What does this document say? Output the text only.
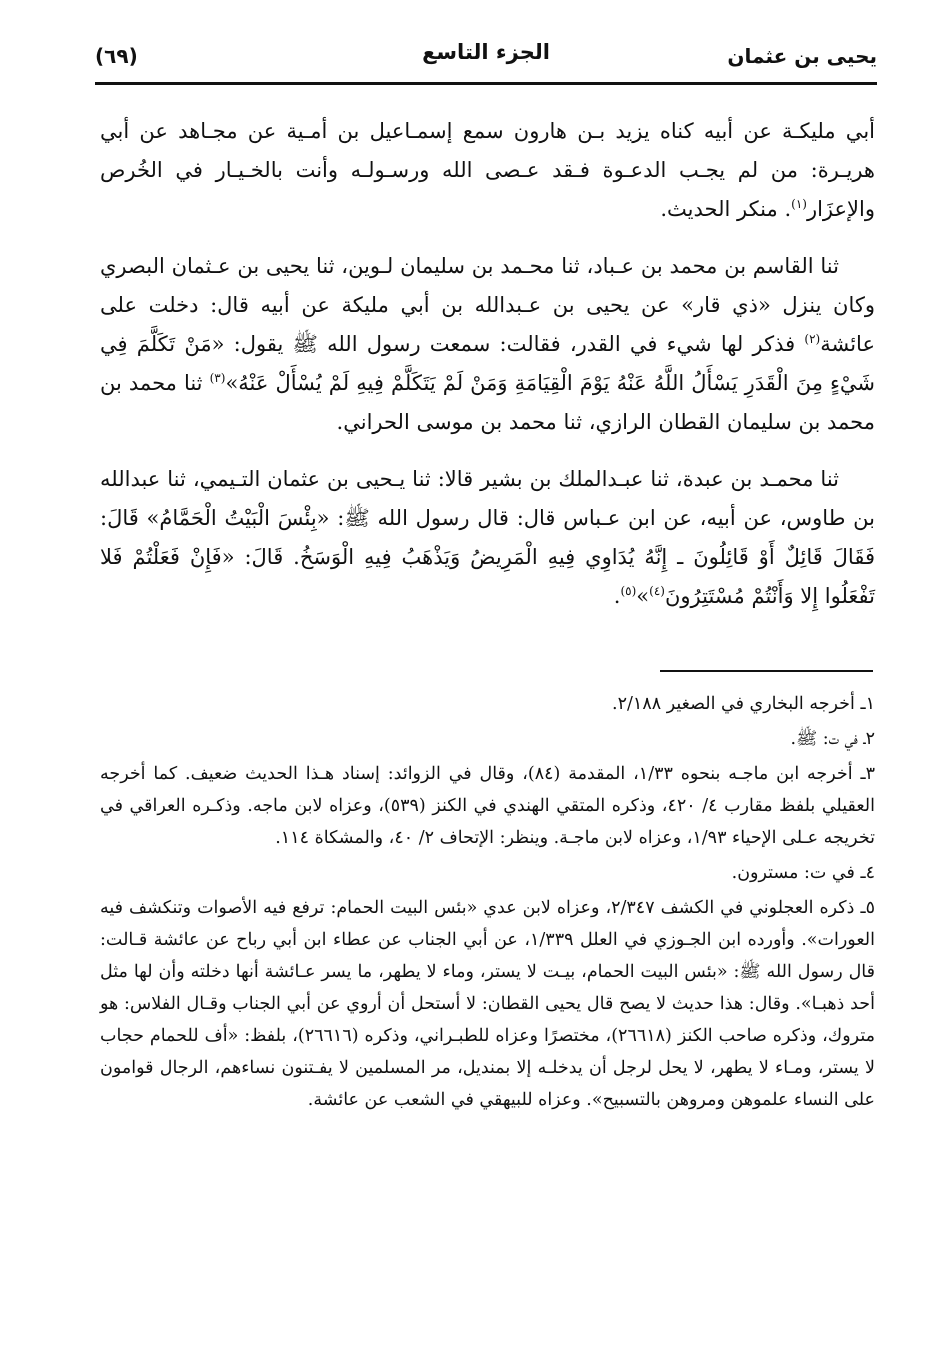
يحيى بن عثمان
الجزء التاسع
(٦٩)

أبي مليكـة عن أبيه كناه يزيد بـن هارون سمع إسمـاعيل بن أمـية عن مجـاهد عن أبي هريـرة: من لم يجـب الدعـوة فـقد عـصى الله ورسـولـه وأنت بالخـيـار في الخُرص والإعزَار$^{(١)}$. منكر الحديث.

ثنا القاسم بن محمد بن عـباد، ثنا محـمد بن سليمان لـوين، ثنا يحيى بن عـثمان البصري وكان ينزل «ذي قار» عن يحيى بن عـبدالله بن أبي مليكة عن أبيه قال: دخلت على عائشة$^{(٢)}$ فذكر لها شيء في القدر، فقالت: سمعت رسول الله ﷺ يقول: «مَنْ تَكَلَّمَ فِي شَيْءٍ مِنَ الْقَدَرِ يَسْأَلُ اللَّهُ عَنْهُ يَوْمَ الْقِيَامَةِ وَمَنْ لَمْ يَتَكَلَّمْ فِيهِ لَمْ يُسْأَلْ عَنْهُ»$^{(٣)}$ ثنا محمد بن محمد بن سليمان القطان الرازي، ثنا محمد بن موسى الحراني.

ثنا محمـد بن عبدة، ثنا عبـدالملك بن بشير قالا: ثنا يـحيى بن عثمان التـيمي، ثنا عبدالله بن طاوس، عن أبيه، عن ابن عـباس قال: قال رسول الله ﷺ: «بِئْسَ الْبَيْتُ الْحَمَّامُ» قَالَ: فَقَالَ قَائِلٌ أَوْ قَائِلُونَ ـ إِنَّهُ يُدَاوِي فِيهِ الْمَرِيضُ وَيَذْهَبُ فِيهِ الْوَسَخُ. قَالَ: «فَإِنْ فَعَلْتُمْ فَلا تَفْعَلُوا إِلا وَأَنْتُمْ مُسْتَتِرُونَ$^{(٤)}$»$^{(٥)}$.

١ـ أخرجه البخاري في الصغير ٢/١٨٨.
٢ـ في ت: ﷺ.
٣ـ أخرجه ابن ماجـه بنحوه ١/٣٣، المقدمة (٨٤)، وقال في الزوائد: إسناد هـذا الحديث ضعيف. كما أخرجه العقيلي بلفظ مقارب ٤/ ٤٢٠، وذكره المتقي الهندي في الكنز (٥٣٩)، وعزاه لابن ماجه. وذكـره العراقي في تخريجه عـلى الإحياء ١/٩٣، وعزاه لابن ماجـة. وينظر: الإتحاف ٢/ ٤٠، والمشكاة ١١٤.
٤ـ في ت: مسترون.
٥ـ ذكره العجلوني في الكشف ٢/٣٤٧، وعزاه لابن عدي «بئس البيت الحمام: ترفع فيه الأصوات وتنكشف فيه العورات». وأورده ابن الجـوزي في العلل ١/٣٣٩، عن أبي الجناب عن عطاء ابن أبي رباح عن عائشة قـالت: قال رسول الله ﷺ: «بئس البيت الحمام، بيـت لا يستر، وماء لا يطهر، ما يسر عـائشة أنها دخلته وأن لها مثل أحد ذهبـا». وقال: هذا حديث لا يصح قال يحيى القطان: لا أستحل أن أروي عن أبي الجناب وقـال الفلاس: هو متروك، وذكره صاحب الكنز (٢٦٦١٨)، مختصرًا وعزاه للطبـراني، وذكره (٢٦٦١٦)، بلفظ: «أف للحمام حجاب لا يستر، ومـاء لا يطهر، لا يحل لرجل أن يدخلـه إلا بمنديل، مر المسلمين لا يفـتنون نساءهم، الرجال قوامون على النساء علموهن ومروهن بالتسبيح». وعزاه للبيهقي في الشعب عن عائشة.
